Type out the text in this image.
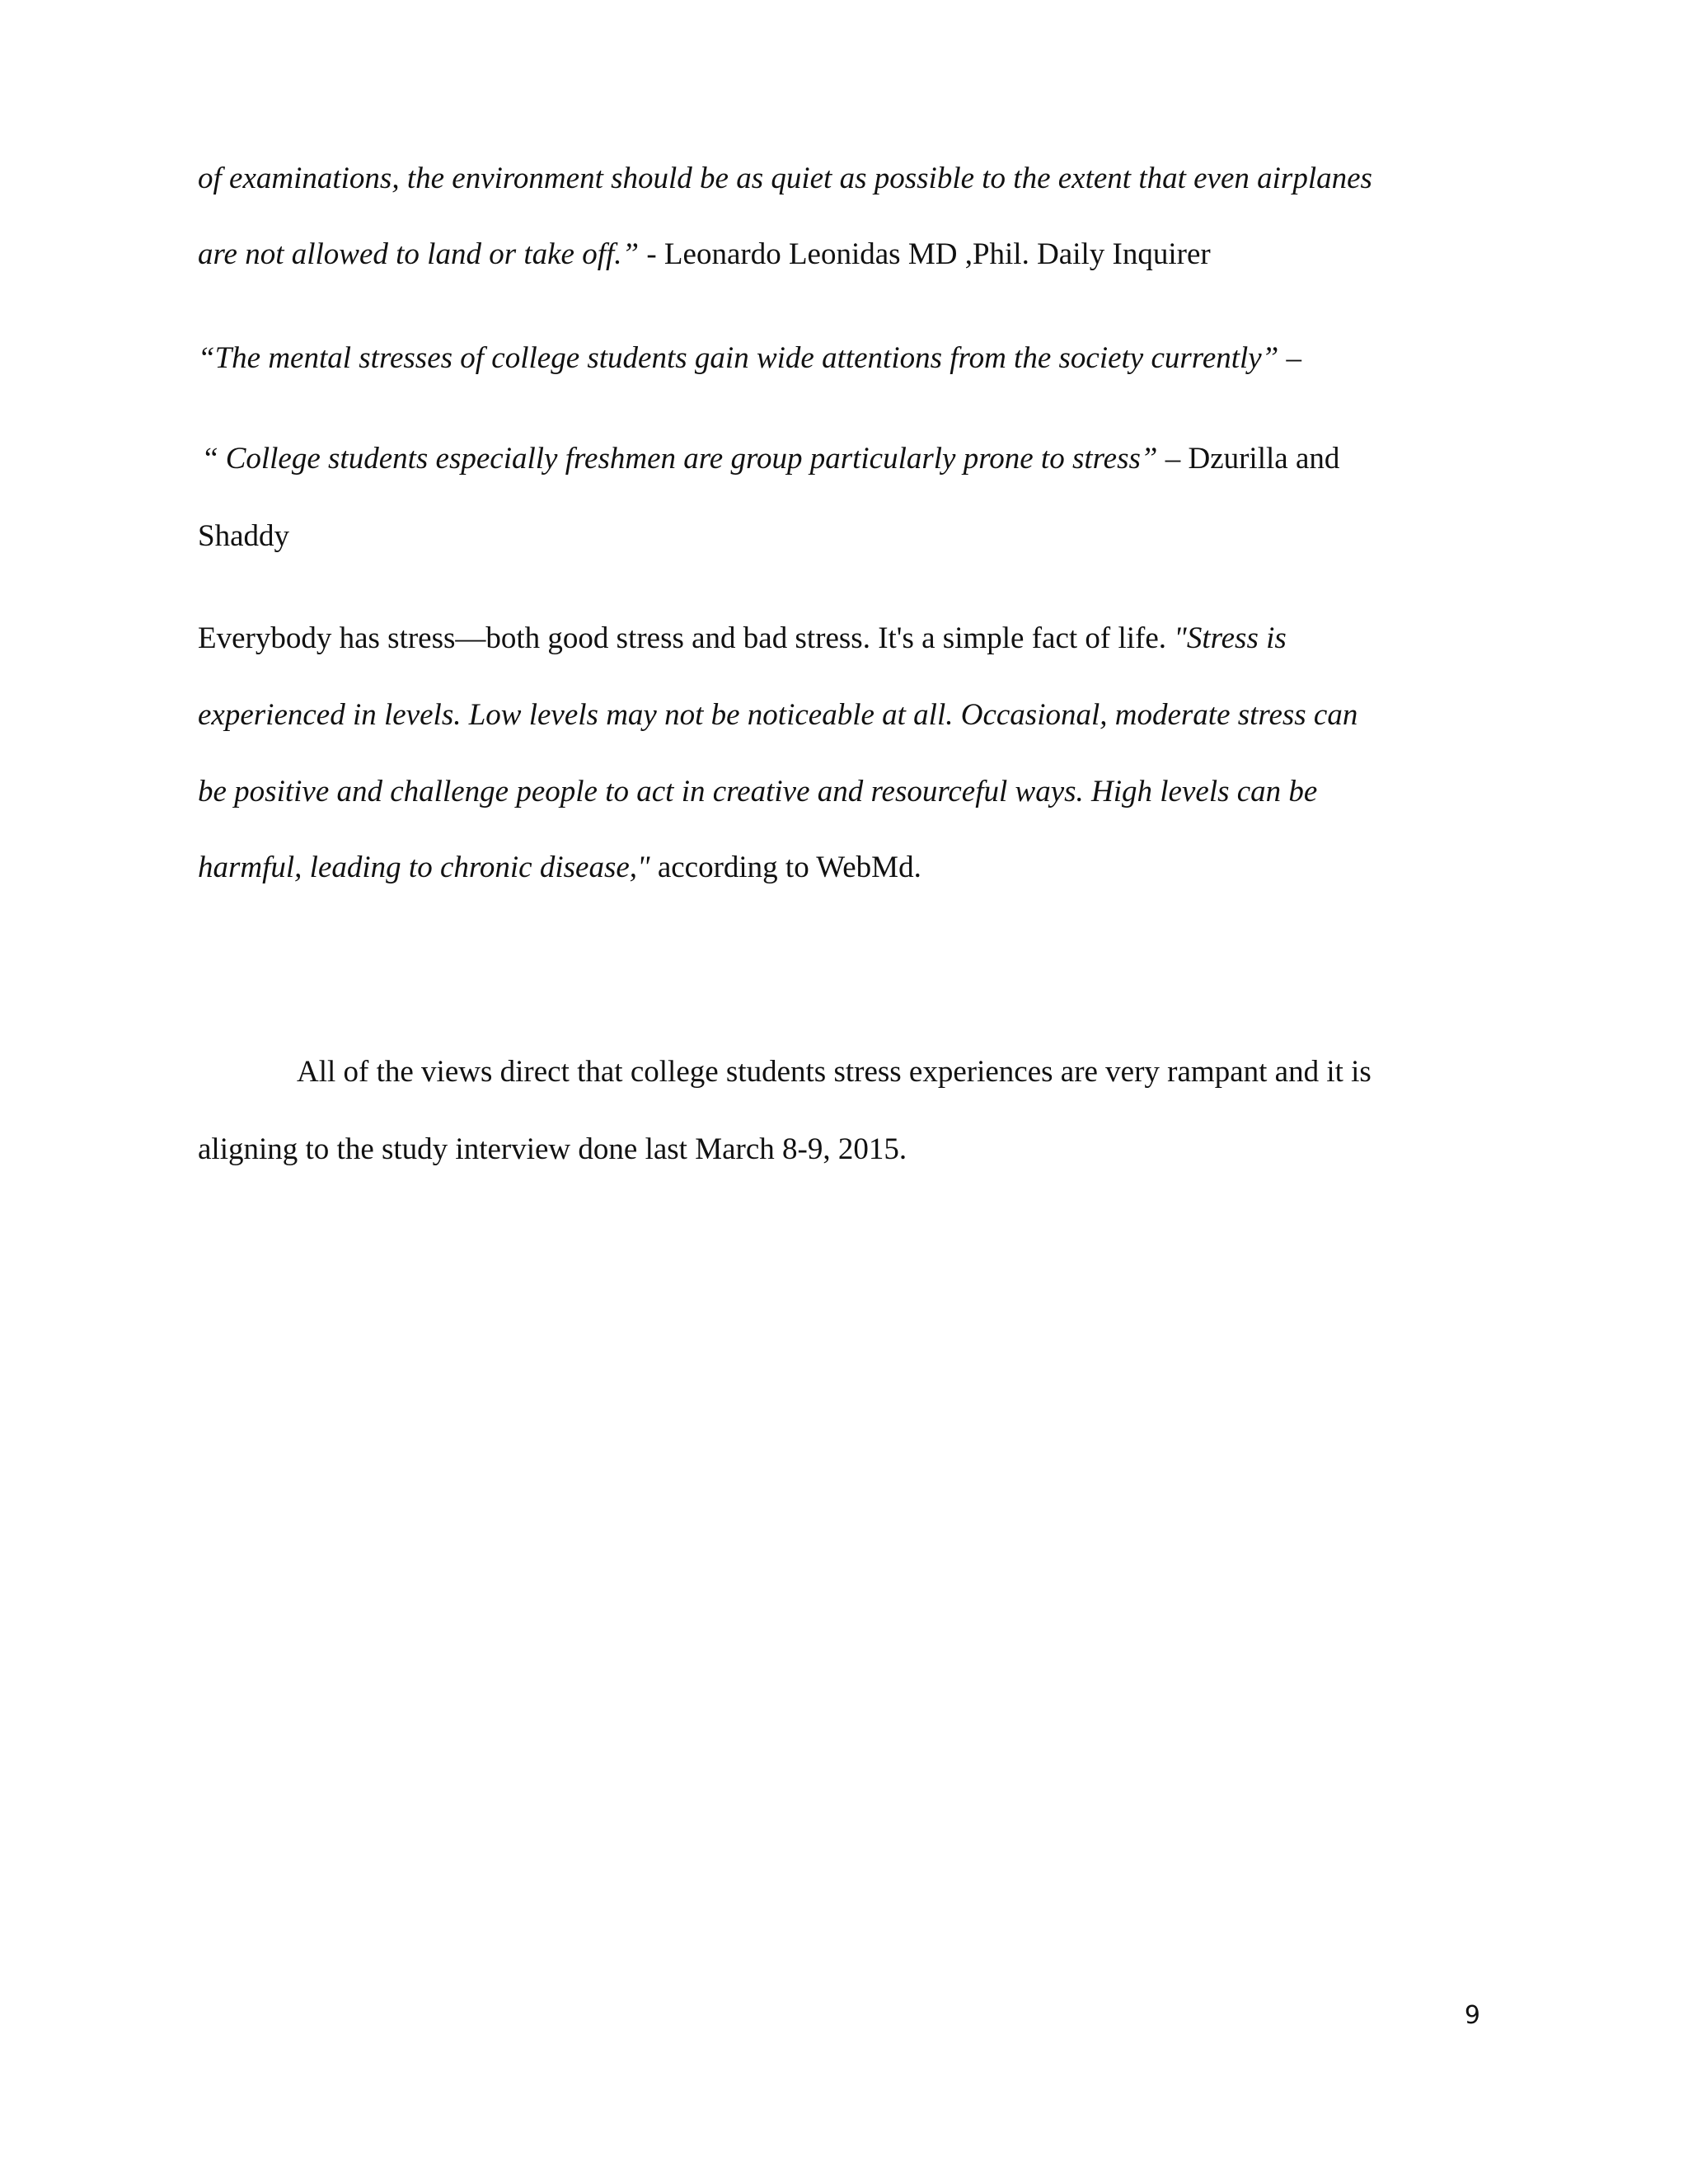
of examinations, the environment should be as quiet as possible to the extent that even airplanes
are not allowed to land or take off.” - Leonardo Leonidas MD ,Phil. Daily Inquirer
“The mental stresses of college students gain wide attentions from the society currently” –
“ College students especially freshmen are group particularly prone to stress” – Dzurilla and
Shaddy
Everybody has stress—both good stress and bad stress. It's a simple fact of life. "Stress is
experienced in levels. Low levels may not be noticeable at all. Occasional, moderate stress can
be positive and challenge people to act in creative and resourceful ways. High levels can be
harmful, leading to chronic disease," according to WebMd.
All of the views direct that college students stress experiences are very rampant and it is
aligning to the study interview done last March 8-9, 2015.
9
